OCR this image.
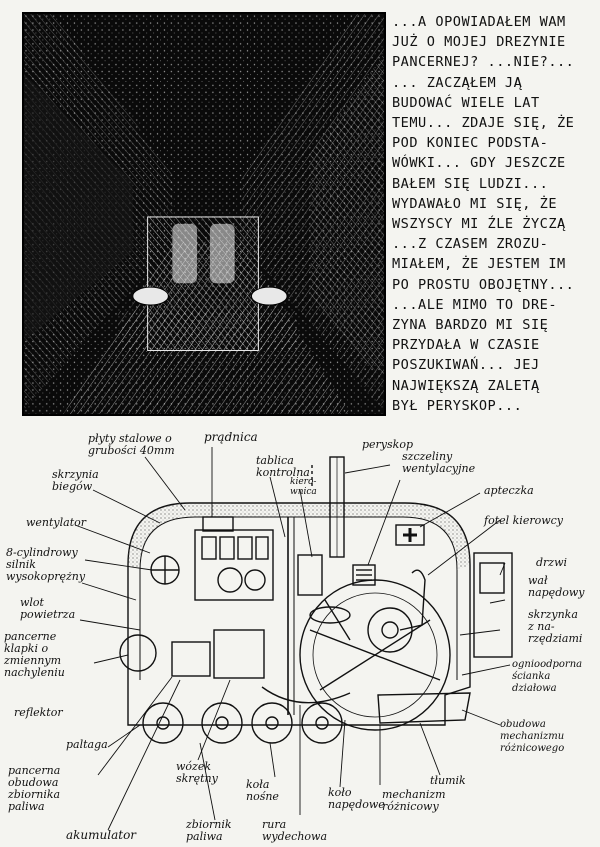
...A OPOWIADAŁEM WAM
JUŻ O MOJEJ DREZYNIE
PANCERNEJ? ...NIE?...
... ZACZĄŁEM JĄ
BUDOWAĆ WIELE LAT
TEMU... ZDAJE SIĘ, ŻE
POD KONIEC PODSTA-
WÓWKI... GDY JESZCZE
BAŁEM SIĘ LUDZI...
WYDAWAŁO MI SIĘ, ŻE
WSZYSCY MI ŹLE ŻYCZĄ
...Z CZASEM ZROZU-
MIAŁEM, ŻE JESTEM IM
PO PROSTU OBOJĘTNY...
...ALE MIMO TO DRE-
ZYNA BARDZO MI SIĘ
PRZYDAŁA W CZASIE
POSZUKIWAŃ... JEJ
NAJWIĘKSZĄ ZALETĄ
BYŁ PERYSKOP...
płyty stalowe o
grubości 40mm
prądnica
peryskop
szczeliny
wentylacyjne
skrzynia
biegów
tablica
kontrolna
kiero-
wnica	apteczka
wentylator	fotel kierowcy
8-cylindrowy
silnik
wysokoprężny
drzwi
wał
napędowy
wlot
powietrza	skrzynka
z na-
rzędziami
pancerne
klapki o
zmiennym
nachyleniu
ognioodporna
ścianka
działowa
reflektor
obudowa
mechanizmu
różnicowego
paltaga
pancerna
obudowa
zbiornika
paliwa
wózek
skrętny	koła
nośne	koło
napędowe
tłumik
mechanizm
różnicowy
zbiornik
paliwa
rura
wydechowa
akumulator
